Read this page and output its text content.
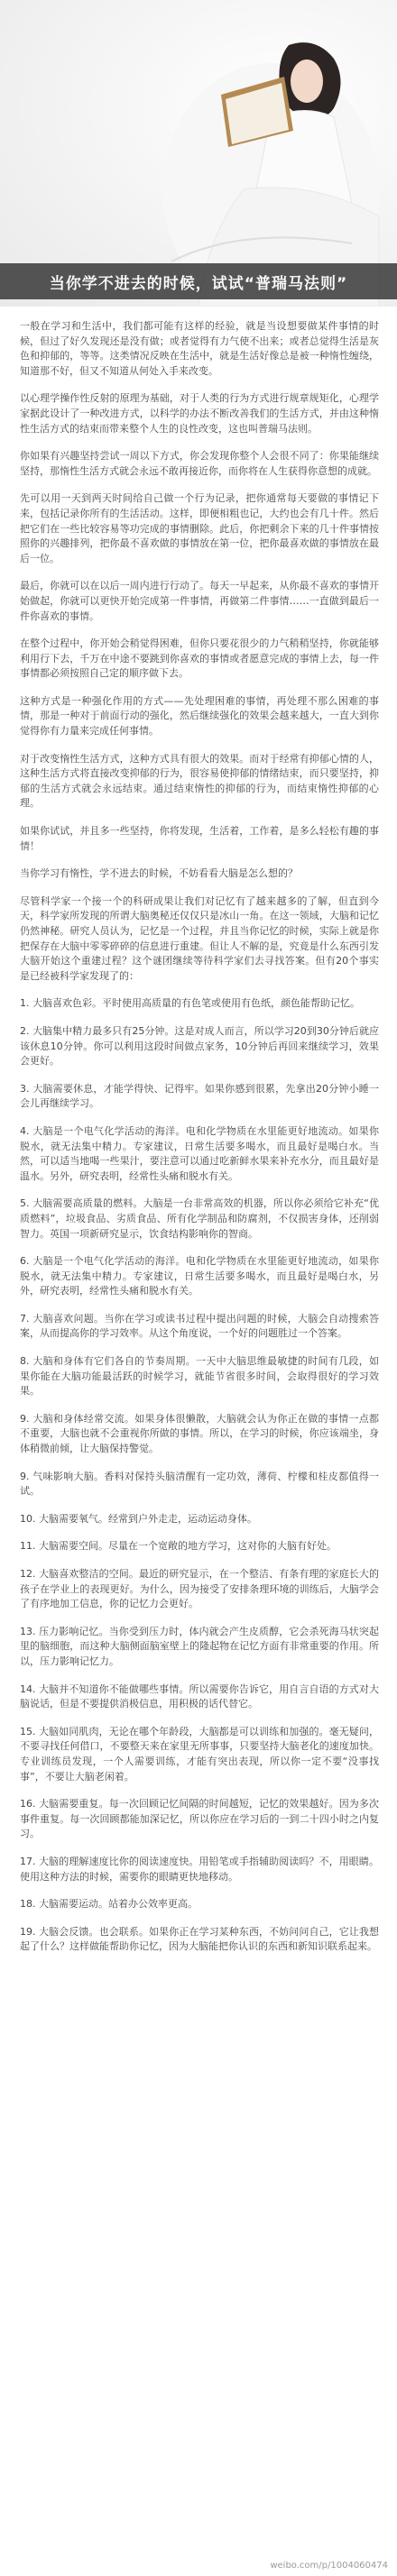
当你学不进去的时候，试试“普瑞马法则”

一般在学习和生活中，我们都可能有这样的经验，就是当设想要做某件事情的时候，但过了好久发现还是没有做；或者觉得有力气使不出来；或者总觉得生活是灰色和抑郁的，等等。这类情况反映在生活中，就是生活好像总是被一种惰性缠绕，知道那不好，但又不知道从何处入手来改变。

以心理学操作性反射的原理为基础，对于人类的行为方式进行规章规矩化，心理学家据此设计了一种改进方式，以科学的办法不断改善我们的生活方式，并由这种惰性生活方式的结束而带来整个人生的良性改变，这也叫普瑞马法则。

你如果有兴趣坚持尝试一周以下方式，你会发现你整个人会很不同了：你果能继续坚持，那惰性生活方式就会永远不敢再接近你，而你将在人生获得你意想的成就。

先可以用一天到两天时间给自己做一个行为记录，把你通常每天要做的事情记下来，包括记录你所有的生活活动。这样，即便相粗也记，大约也会有几十件。然后把它们在一些比较容易等功完成的事情删除。此后，你把剩余下来的几十件事情按照你的兴趣排列，把你最不喜欢做的事情放在第一位，把你最喜欢做的事情放在最后一位。

最后，你就可以在以后一周内进行行动了。每天一早起来，从你最不喜欢的事情开始做起，你就可以更快开始完成第一件事情，再做第二件事情……一直做到最后一件你喜欢的事情。

在整个过程中，你开始会稍觉得困难，但你只要花很少的力气稍稍坚持，你就能够利用行下去，千万在中途不要跳到你喜欢的事情或者愿意完成的事情上去，每一件事情都必须按照自己定的顺序做下去。

这种方式是一种强化作用的方式——先处理困难的事情，再处理不那么困难的事情，那是一种对于前面行动的强化，然后继续强化的效果会越来越大，一直大到你觉得你有力量来完成任何事情。

对于改变惰性生活方式，这种方式具有很大的效果。而对于经常有抑郁心情的人，这种生活方式将直接改变抑郁的行为，很容易使抑郁的情绪结束，而只要坚持，抑郁的生活方式就会永远结束。通过结束惰性的抑郁的行为，而结束惰性抑郁的心理。

如果你试试，并且多一些坚持，你将发现，生活着，工作着，是多么轻松有趣的事情！

当你学习有惰性，学不进去的时候，不妨看看大脑是怎么想的？

尽管科学家一个接一个的科研成果让我们对记忆有了越来越多的了解，但直到今天，科学家所发现的所谓大脑奥秘还仅仅只是冰山一角。在这一领域，大脑和记忆仍然神秘。研究人员认为，记忆是一个过程，并且当你记忆的时候，实际上就是你把保存在大脑中零零碎碎的信息进行重建。但让人不解的是，究竟是什么东西引发大脑开始这个重建过程？这个谜团继续等待科学家们去寻找答案。但有20个事实是已经被科学家发现了的：

1. 大脑喜欢色彩。平时使用高质量的有色笔或使用有色纸，颜色能帮助记忆。

2. 大脑集中精力最多只有25分钟。这是对成人而言，所以学习20到30分钟后就应该休息10分钟。你可以利用这段时间做点家务，10分钟后再回来继续学习，效果会更好。

3. 大脑需要休息，才能学得快、记得牢。如果你感到很累，先拿出20分钟小睡一会儿再继续学习。

4. 大脑是一个电气化学活动的海洋。电和化学物质在水里能更好地流动。如果你脱水，就无法集中精力。专家建议，日常生活要多喝水，而且最好是喝白水。当然，可以适当地喝一些果汁，要注意可以通过吃新鲜水果来补充水分，而且最好是温水。另外，研究表明，经常性头痛和脱水有关。

5. 大脑需要高质量的燃料。大脑是一台非常高效的机器，所以你必须给它补充“优质燃料”，垃圾食品、劣质食品、所有化学制品和防腐剂，不仅损害身体，还削弱智力。英国一项新研究显示，饮食结构影响你的智商。

6. 大脑是一个电气化学活动的海洋。电和化学物质在水里能更好地流动，如果你脱水，就无法集中精力。专家建议，日常生活要多喝水，而且最好是喝白水，另外，研究表明，经常性头痛和脱水有关。

7. 大脑喜欢问题。当你在学习或读书过程中提出问题的时候，大脑会自动搜索答案，从而提高你的学习效率。从这个角度说，一个好的问题胜过一个答案。

8. 大脑和身体有它们各自的节奏周期。一天中大脑思维最敏捷的时间有几段，如果你能在大脑功能最活跃的时候学习，就能节省很多时间，会取得很好的学习效果。

9. 大脑和身体经常交流。如果身体很懒散，大脑就会认为你正在做的事情一点都不重要，大脑也就不会重视你所做的事情。所以，在学习的时候，你应该端坐，身体稍微前倾，让大脑保持警觉。

9. 气味影响大脑。香料对保持头脑清醒有一定功效，薄荷、柠檬和桂皮都值得一试。

10. 大脑需要氧气。经常到户外走走，运动运动身体。

11. 大脑需要空间。尽量在一个宽敞的地方学习，这对你的大脑有好处。

12. 大脑喜欢整洁的空间。最近的研究显示，在一个整洁、有条有理的家庭长大的孩子在学业上的表现更好。为什么，因为接受了安排条理环境的训练后，大脑学会了有序地加工信息，你的记忆力会更好。

13. 压力影响记忆。当你受到压力时，体内就会产生皮质醇，它会杀死海马状突起里的脑细胞，而这种大脑侧面脑室壁上的隆起物在记忆方面有非常重要的作用。所以，压力影响记忆力。

14. 大脑并不知道你不能做哪些事情。所以需要你告诉它，用自言自语的方式对大脑说话，但是不要提供消极信息，用积极的话代替它。

15. 大脑如同肌肉，无论在哪个年龄段，大脑都是可以训练和加强的。毫无疑问，不要寻找任何借口，不要整天来在家里无所事事，只要坚持大脑老化的速度加快。专业训练员发现，一个人需要训练，才能有突出表现，所以你一定不要“没事找事”，不要让大脑老闲着。

16. 大脑需要重复。每一次回顾记忆间隔的时间越短，记忆的效果越好。因为多次事件重复。每一次回顾都能加深记忆，所以你应在学习后的一到二十四小时之内复习。

17. 大脑的理解速度比你的阅读速度快。用铅笔或手指辅助阅读吗？不，用眼睛。使用这种方法的时候，需要你的眼睛更快地移动。

18. 大脑需要运动。站着办公效率更高。

19. 大脑会反馈。也会联系。如果你正在学习某种东西，不妨问问自己，它让我想起了什么？这样做能帮助你记忆，因为大脑能把你认识的东西和新知识联系起来。

weibo.com/p/1004060474
